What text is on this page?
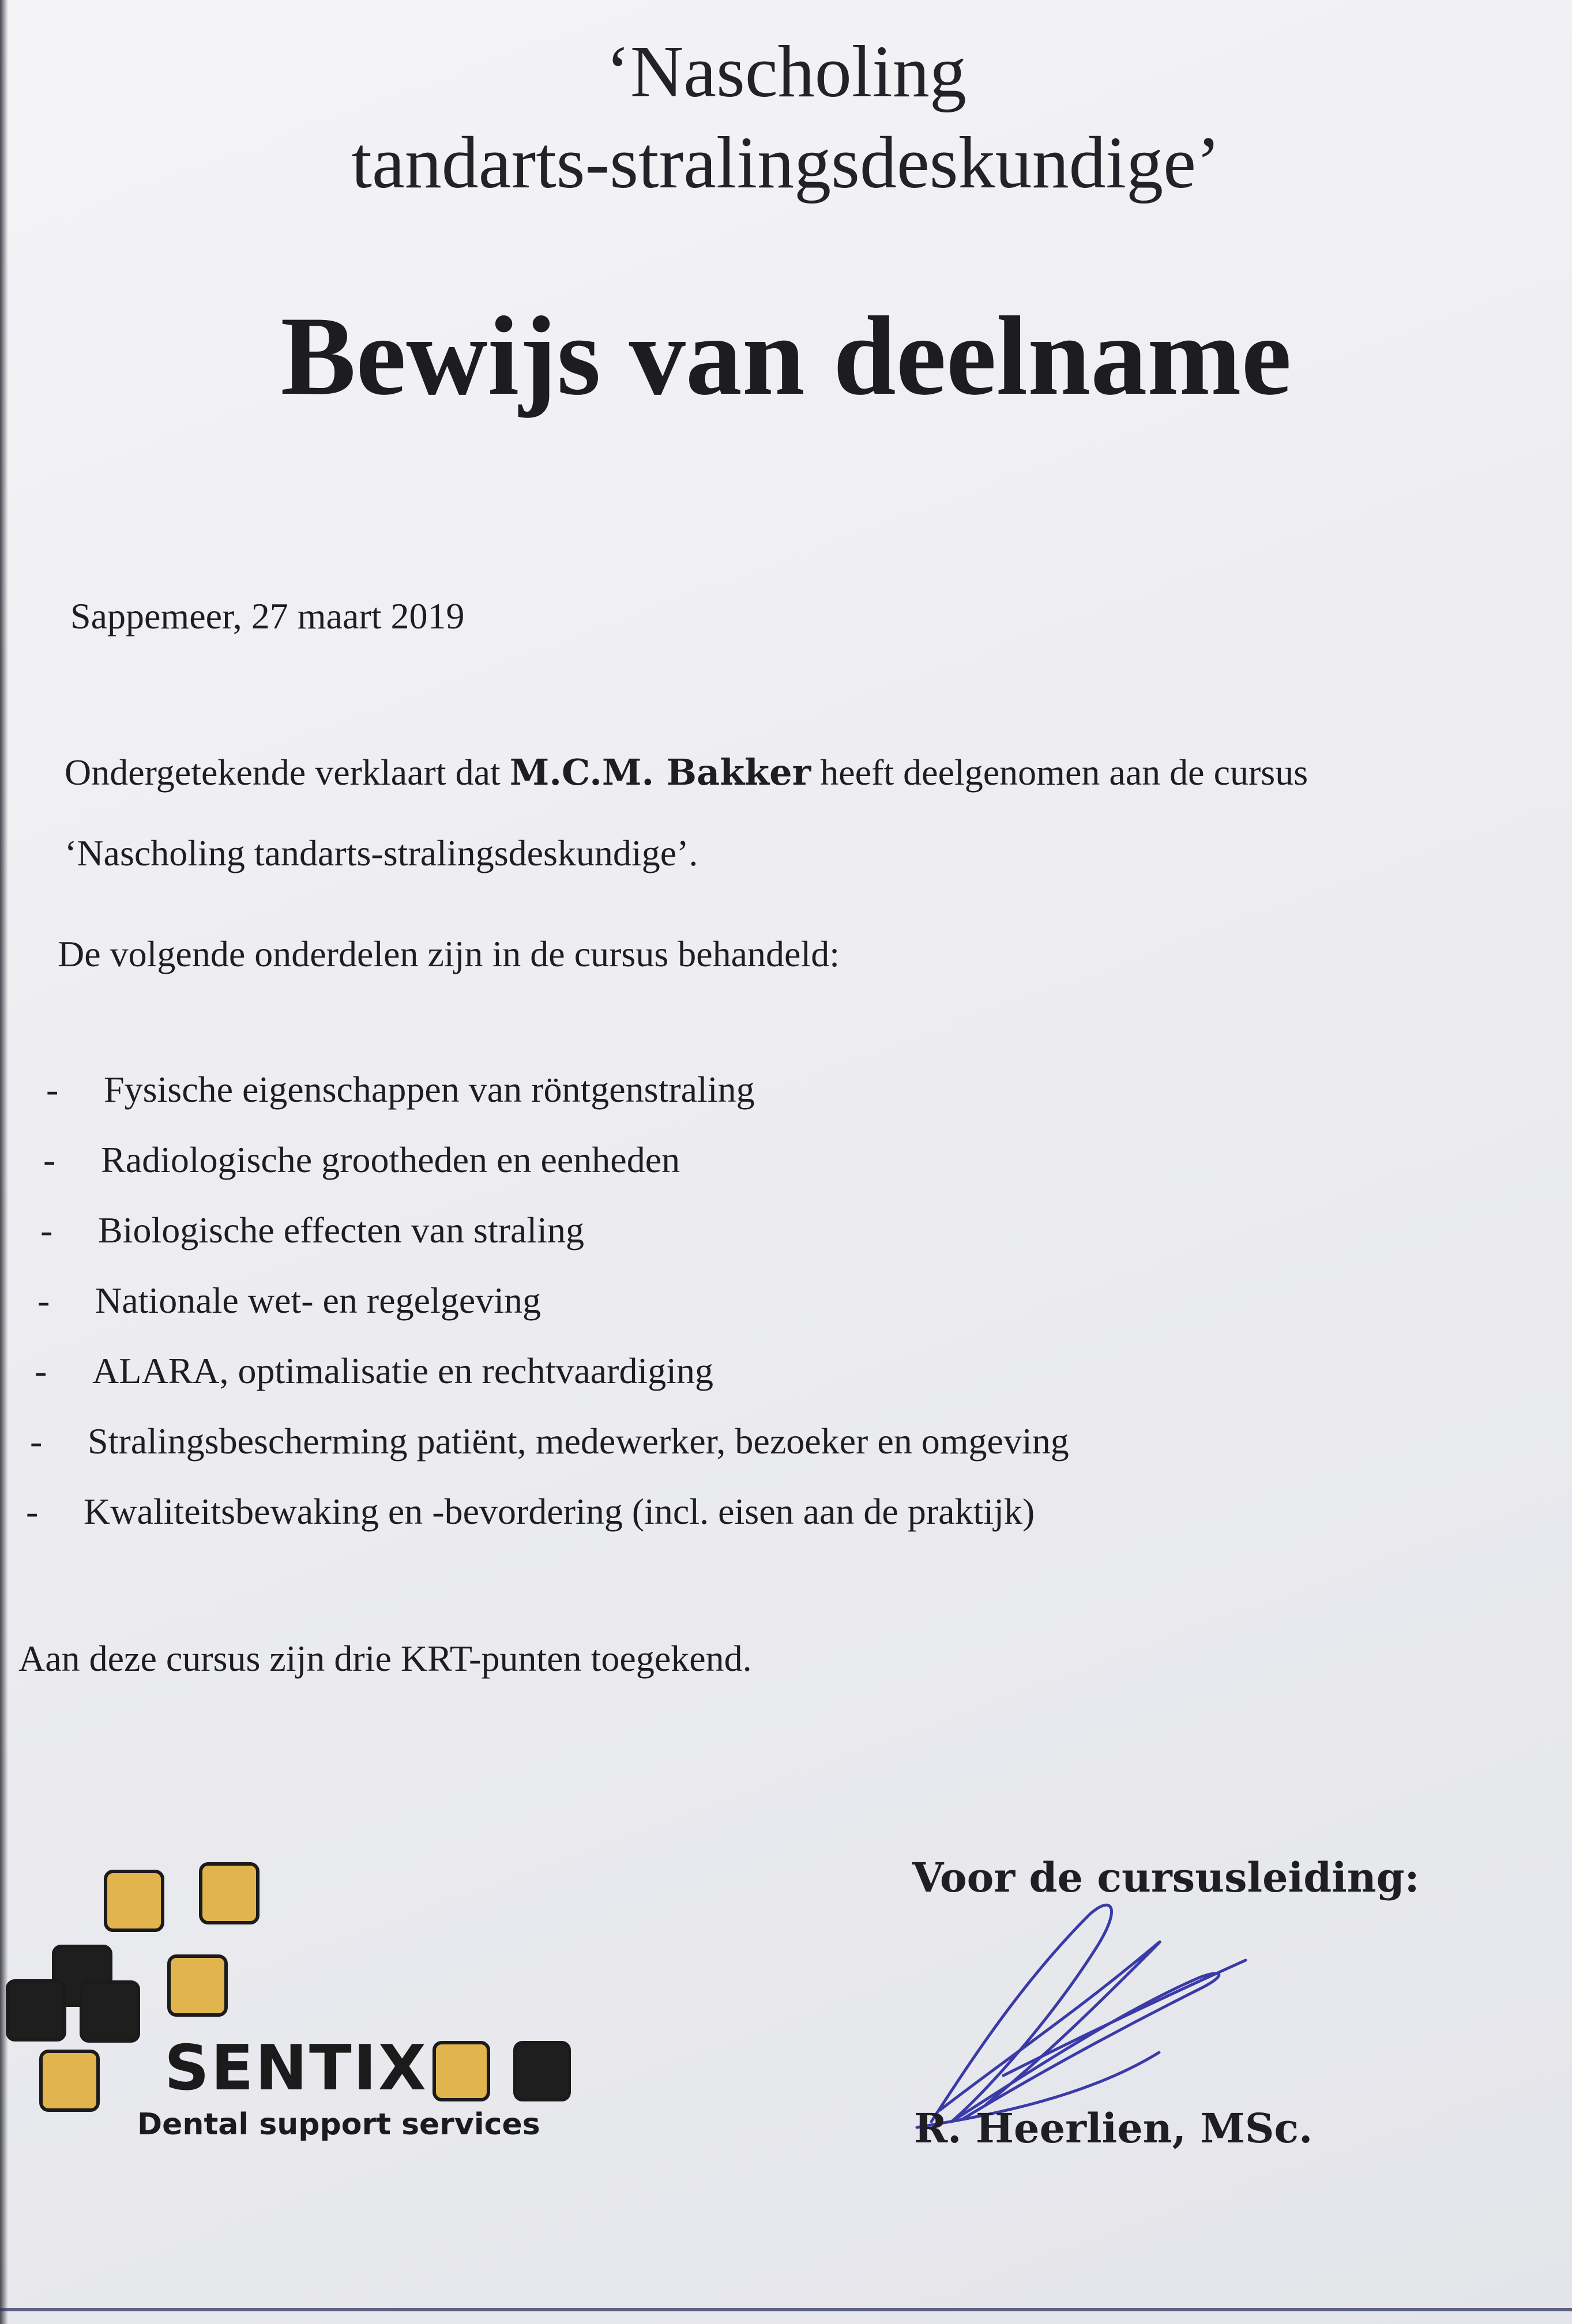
‘Nascholing
tandarts-stralingsdeskundige’
Bewijs van deelname

Sappemeer, 27 maart 2019

Ondergetekende verklaart dat M.C.M. Bakker heeft deelgenomen aan de cursus
‘Nascholing tandarts-stralingsdeskundige’.

De volgende onderdelen zijn in de cursus behandeld:

- Fysische eigenschappen van röntgenstraling
- Radiologische grootheden en eenheden
- Biologische effecten van straling
- Nationale wet- en regelgeving
- ALARA, optimalisatie en rechtvaardiging
- Stralingsbescherming patiënt, medewerker, bezoeker en omgeving
- Kwaliteitsbewaking en -bevordering (incl. eisen aan de praktijk)

Aan deze cursus zijn drie KRT-punten toegekend.

SENTIX

Dental support services

Voor de cursusleiding:

R. Heerlien, MSc.
